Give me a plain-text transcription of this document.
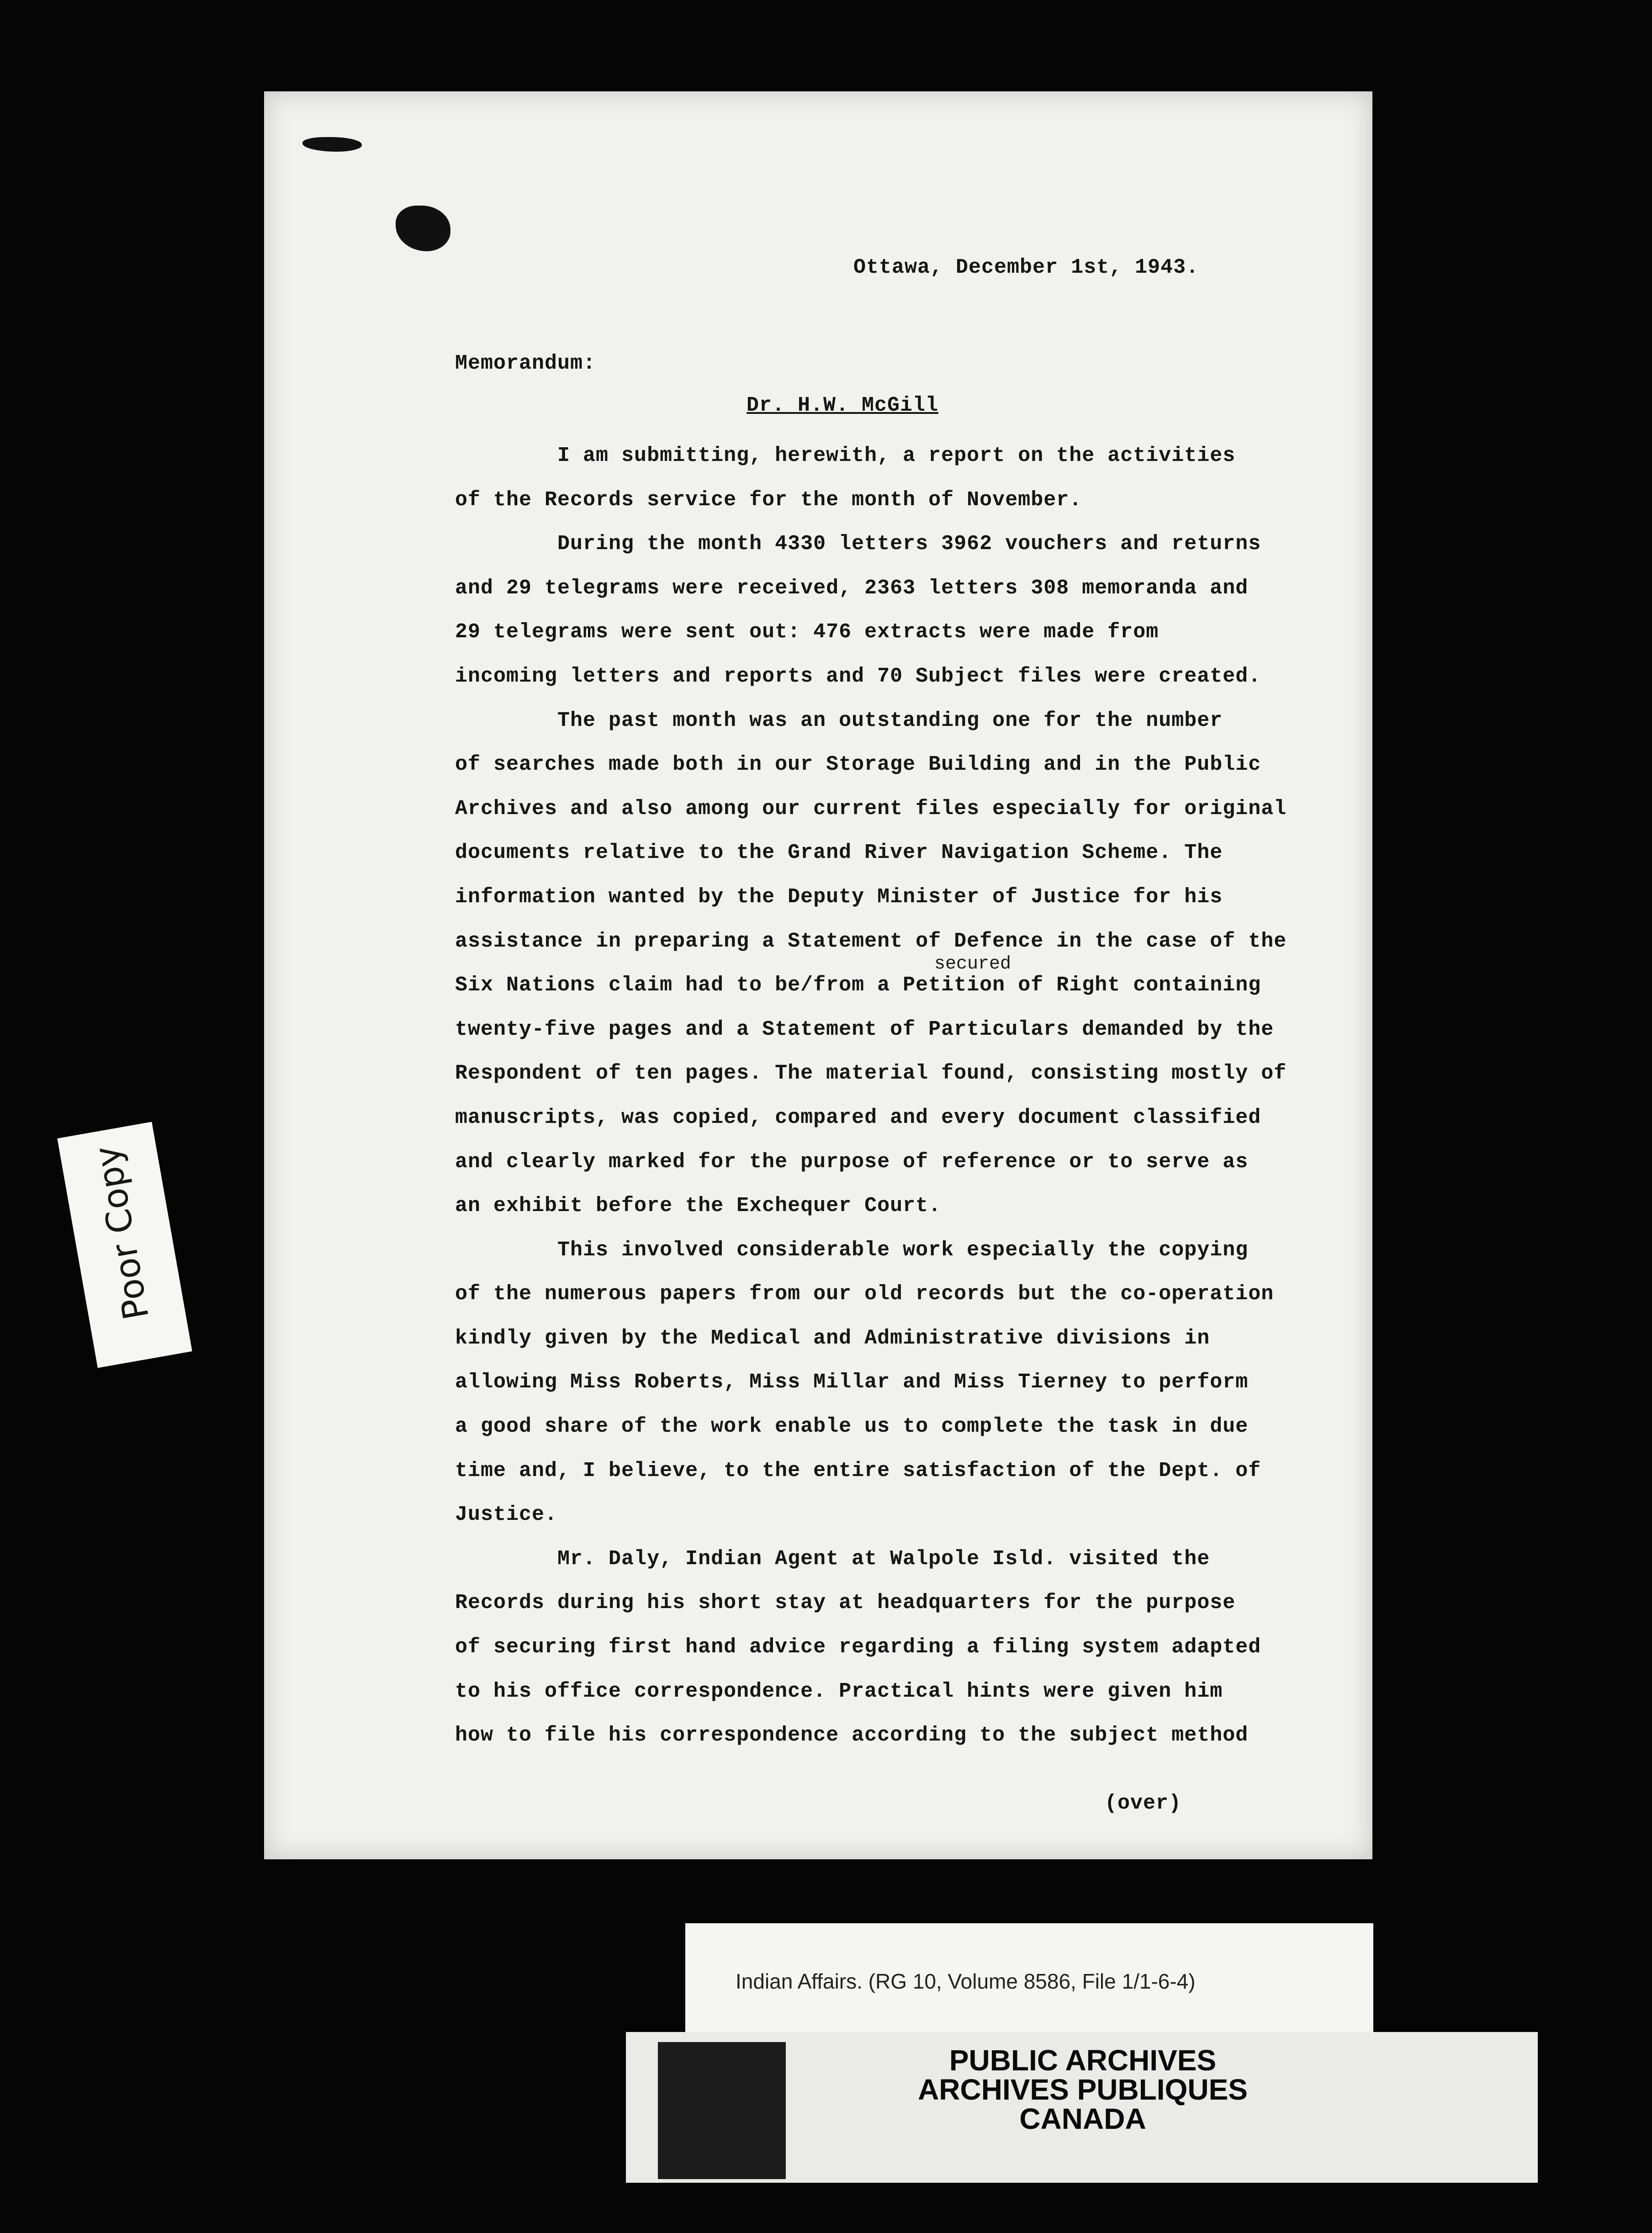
Ottawa, December 1st, 1943.
Memorandum:
Dr. H.W. McGill
secured
I am submitting, herewith, a report on the activities
of the Records service for the month of November.
During the month 4330 letters 3962 vouchers and returns
and 29 telegrams were received, 2363 letters 308 memoranda and
29 telegrams were sent out: 476 extracts were made from
incoming letters and reports and 70 Subject files were created.
The past month was an outstanding one for the number
of searches made both in our Storage Building and in the Public
Archives and also among our current files especially for original
documents relative to the Grand River Navigation Scheme. The
information wanted by the Deputy Minister of Justice for his
assistance in preparing a Statement of Defence in the case of the
Six Nations claim had to be/from a Petition of Right containing
twenty-five pages and a Statement of Particulars demanded by the
Respondent of ten pages. The material found, consisting mostly of
manuscripts, was copied, compared and every document classified
and clearly marked for the purpose of reference or to serve as
an exhibit before the Exchequer Court.
This involved considerable work especially the copying
of the numerous papers from our old records but the co-operation
kindly given by the Medical and Administrative divisions in
allowing Miss Roberts, Miss Millar and Miss Tierney to perform
a good share of the work enable us to complete the task in due
time and, I believe, to the entire satisfaction of the Dept. of
Justice.
Mr. Daly, Indian Agent at Walpole Isld. visited the
Records during his short stay at headquarters for the purpose
of securing first hand advice regarding a filing system adapted
to his office correspondence. Practical hints were given him
how to file his correspondence according to the subject method
(over)
Poor Copy
Indian Affairs. (RG 10, Volume 8586, File 1/1-6-4)
PUBLIC ARCHIVES
ARCHIVES PUBLIQUES
CANADA
